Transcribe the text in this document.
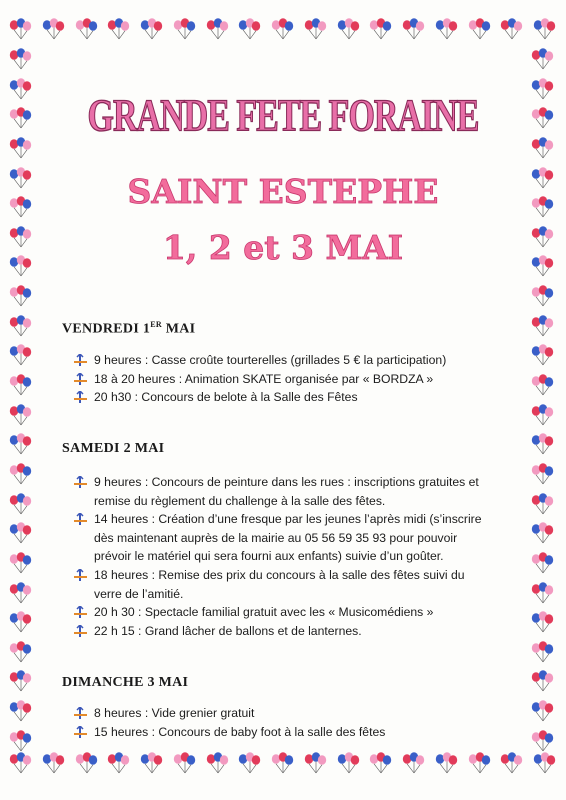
GRANDE FETE FORAINE
SAINT ESTEPHE
1, 2 et 3 MAI
VENDREDI 1ER MAI
9 heures : Casse croûte tourterelles (grillades 5 € la participation)
18 à 20 heures : Animation SKATE organisée par « BORDZA »
20 h30 : Concours de belote à la Salle des Fêtes
SAMEDI 2 MAI
9 heures : Concours de peinture dans les rues : inscriptions gratuites et remise du règlement du challenge à la salle des fêtes.
14 heures : Création d’une fresque par les jeunes l’après midi (s’inscrire dès maintenant auprès de la mairie au 05 56 59 35 93 pour pouvoir prévoir le matériel qui sera fourni aux enfants) suivie d’un goûter.
18 heures : Remise des prix du concours à la salle des fêtes suivi du verre de l’amitié.
20 h 30 : Spectacle familial gratuit avec les « Musicomédiens »
22 h 15 : Grand lâcher de ballons et de lanternes.
DIMANCHE 3 MAI
8 heures : Vide grenier gratuit
15 heures : Concours de baby foot à la salle des fêtes
